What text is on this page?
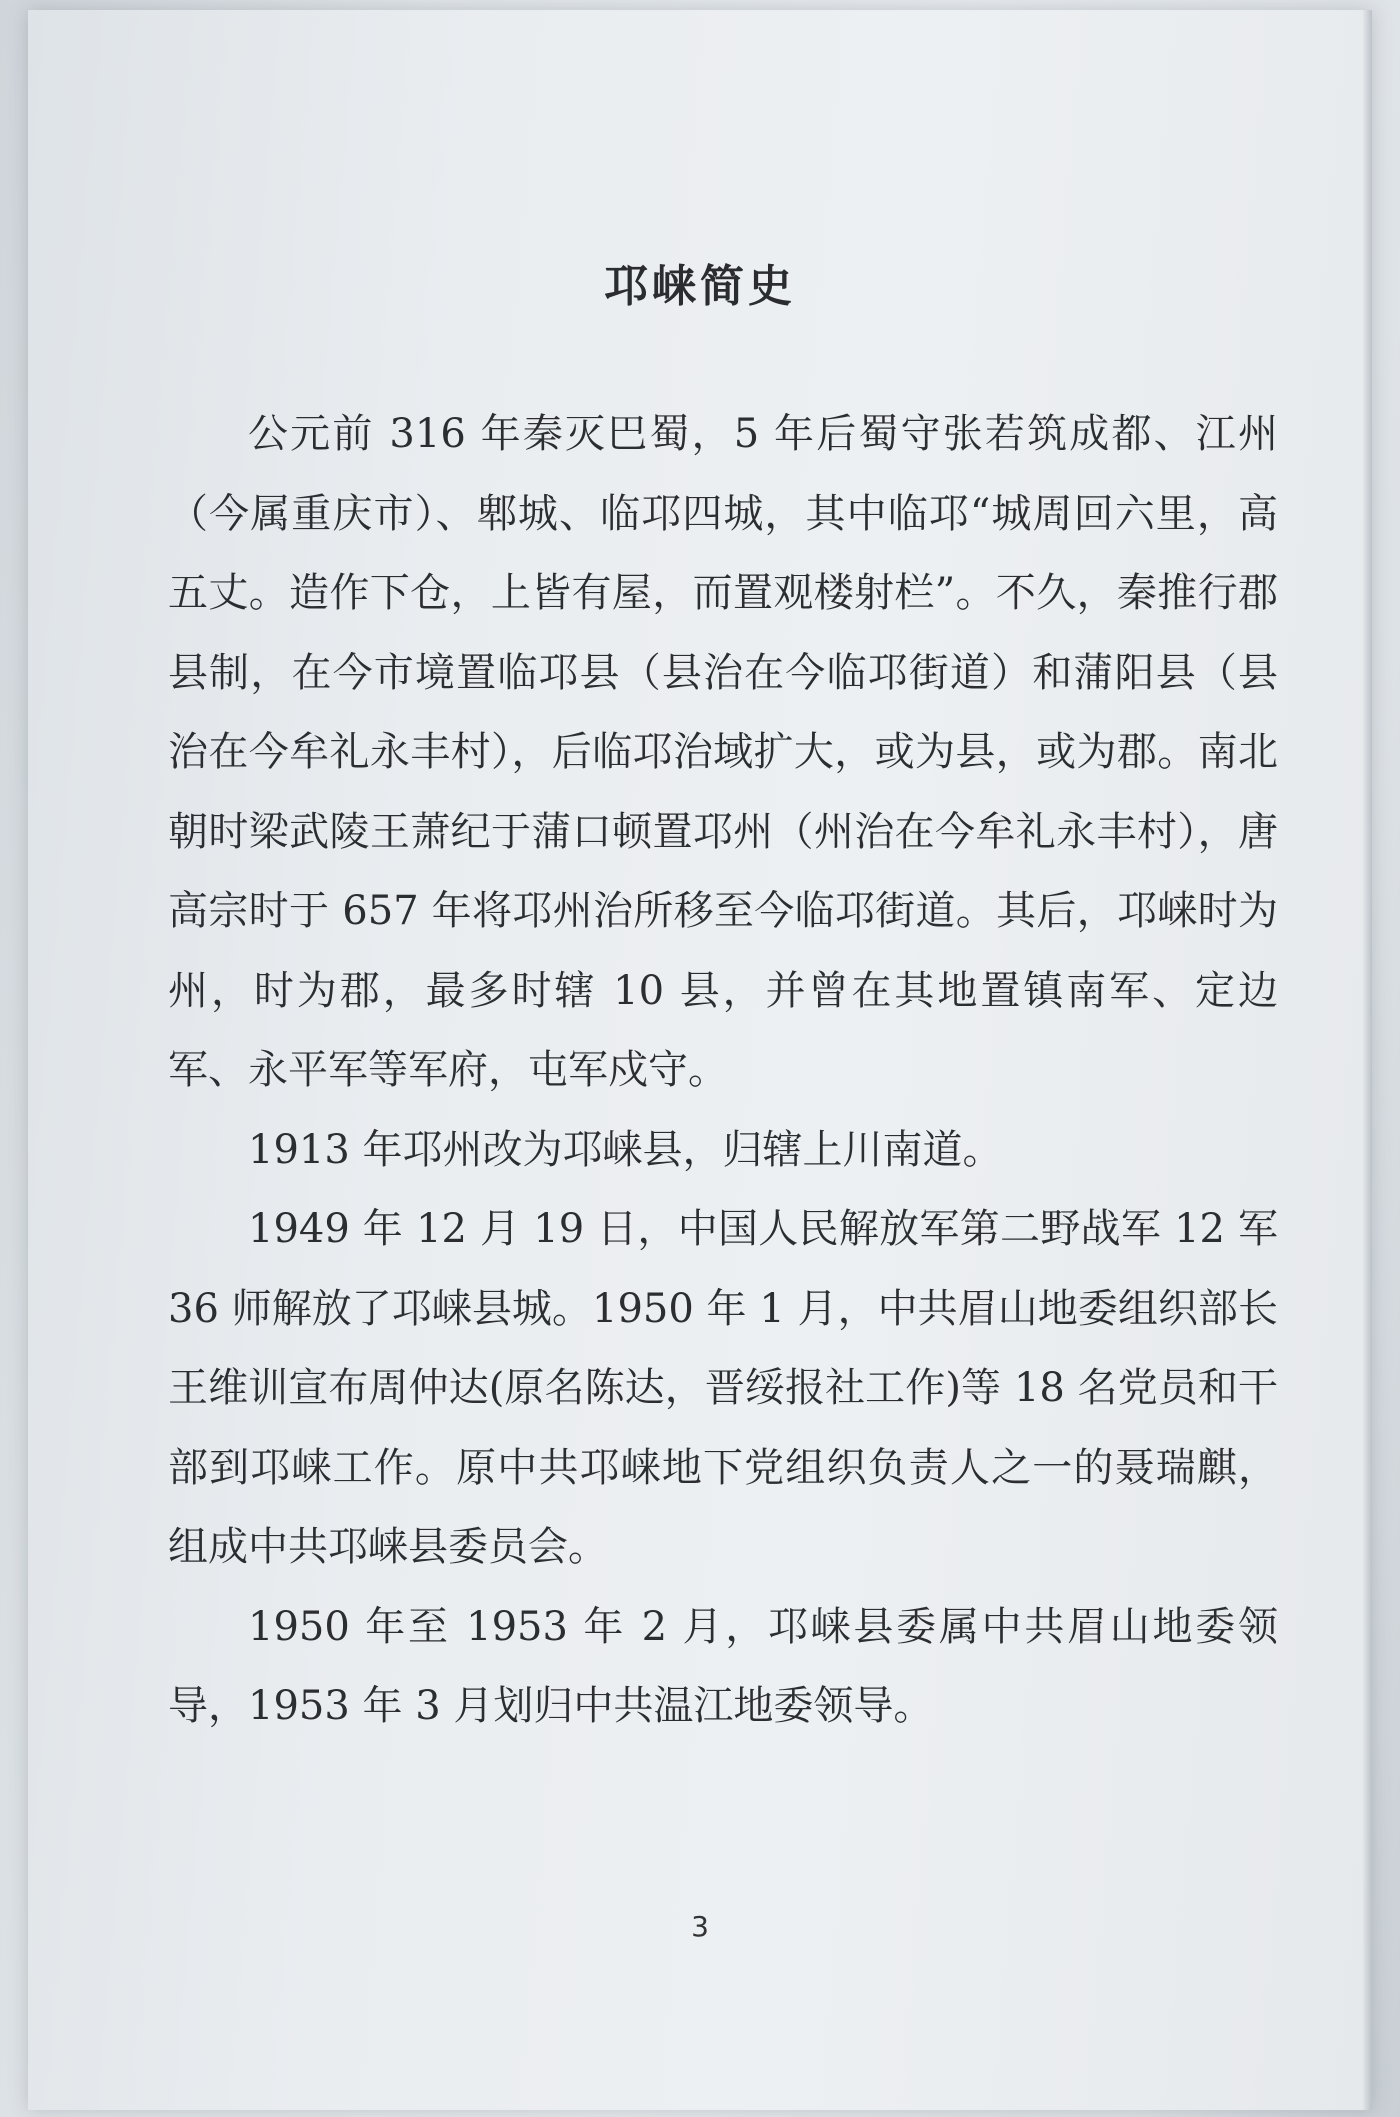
邛崃简史

公元前 316 年秦灭巴蜀，5 年后蜀守张若筑成都、江州（今属重庆市）、郫城、临邛四城，其中临邛“城周回六里，高五丈。造作下仓，上皆有屋，而置观楼射栏”。不久，秦推行郡县制，在今市境置临邛县（县治在今临邛街道）和蒲阳县（县治在今牟礼永丰村），后临邛治域扩大，或为县，或为郡。南北朝时梁武陵王萧纪于蒲口顿置邛州（州治在今牟礼永丰村），唐高宗时于 657 年将邛州治所移至今临邛街道。其后，邛崃时为州，时为郡，最多时辖 10 县，并曾在其地置镇南军、定边军、永平军等军府，屯军戍守。

1913 年邛州改为邛崃县，归辖上川南道。

1949 年 12 月 19 日，中国人民解放军第二野战军 12 军 36 师解放了邛崃县城。1950 年 1 月，中共眉山地委组织部长王维训宣布周仲达(原名陈达，晋绥报社工作)等 18 名党员和干部到邛崃工作。原中共邛崃地下党组织负责人之一的聂瑞麒，组成中共邛崃县委员会。

1950 年至 1953 年 2 月，邛崃县委属中共眉山地委领导，1953 年 3 月划归中共温江地委领导。

3
